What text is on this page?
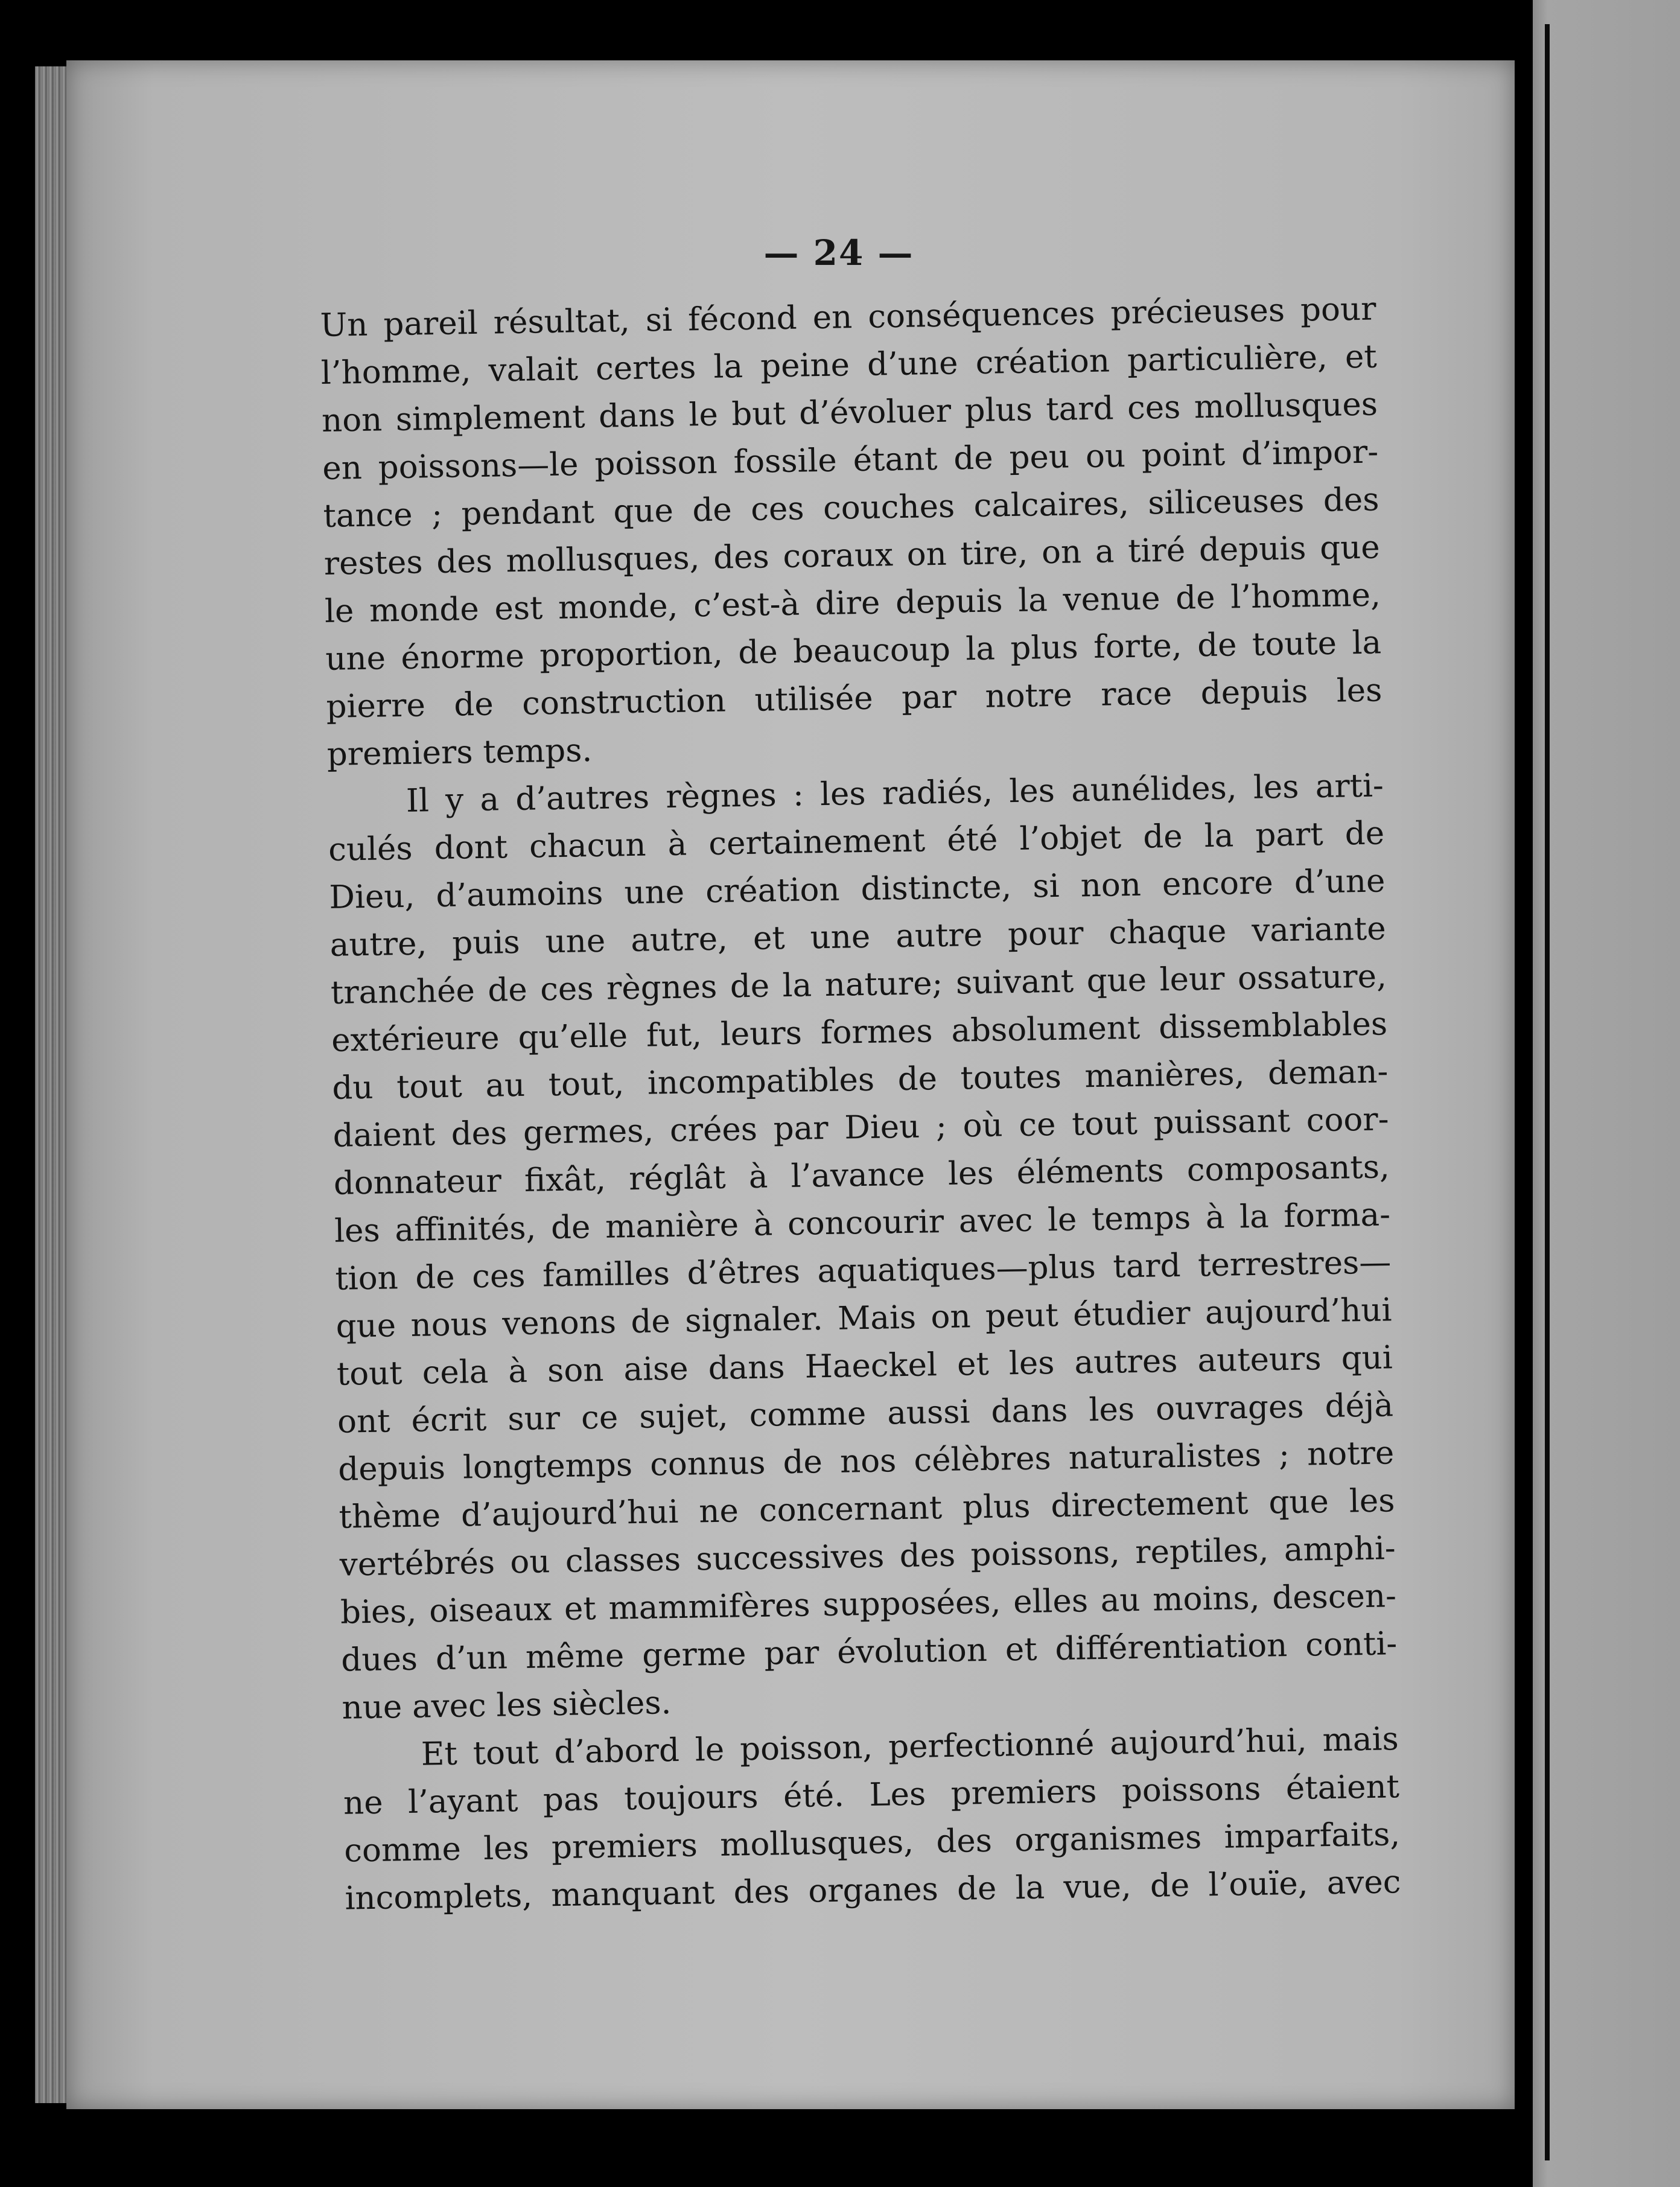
— 24 —

Un pareil résultat, si fécond en conséquences précieuses pour
l’homme, valait certes la peine d’une création particulière, et
non simplement dans le but d’évoluer plus tard ces mollusques
en poissons—le poisson fossile étant de peu ou point d’impor-
tance ; pendant que de ces couches calcaires, siliceuses des
restes des mollusques, des coraux on tire, on a tiré depuis que
le monde est monde, c’est-à dire depuis la venue de l’homme,
une énorme proportion, de beaucoup la plus forte, de toute la
pierre de construction utilisée par notre race depuis les
premiers temps.

Il y a d’autres règnes : les radiés, les aunélides, les arti-
culés dont chacun à certainement été l’objet de la part de
Dieu, d’aumoins une création distincte, si non encore d’une
autre, puis une autre, et une autre pour chaque variante
tranchée de ces règnes de la nature; suivant que leur ossature,
extérieure qu’elle fut, leurs formes absolument dissemblables
du tout au tout, incompatibles de toutes manières, deman-
daient des germes, crées par Dieu ; où ce tout puissant coor-
donnateur fixât, réglât à l’avance les éléments composants,
les affinités, de manière à concourir avec le temps à la forma-
tion de ces familles d’êtres aquatiques—plus tard terrestres—
que nous venons de signaler. Mais on peut étudier aujourd’hui
tout cela à son aise dans Haeckel et les autres auteurs qui
ont écrit sur ce sujet, comme aussi dans les ouvrages déjà
depuis longtemps connus de nos célèbres naturalistes ; notre
thème d’aujourd’hui ne concernant plus directement que les
vertébrés ou classes successives des poissons, reptiles, amphi-
bies, oiseaux et mammifères supposées, elles au moins, descen-
dues d’un même germe par évolution et différentiation conti-
nue avec les siècles.

Et tout d’abord le poisson, perfectionné aujourd’hui, mais
ne l’ayant pas toujours été. Les premiers poissons étaient
comme les premiers mollusques, des organismes imparfaits,
incomplets, manquant des organes de la vue, de l’ouïe, avec
